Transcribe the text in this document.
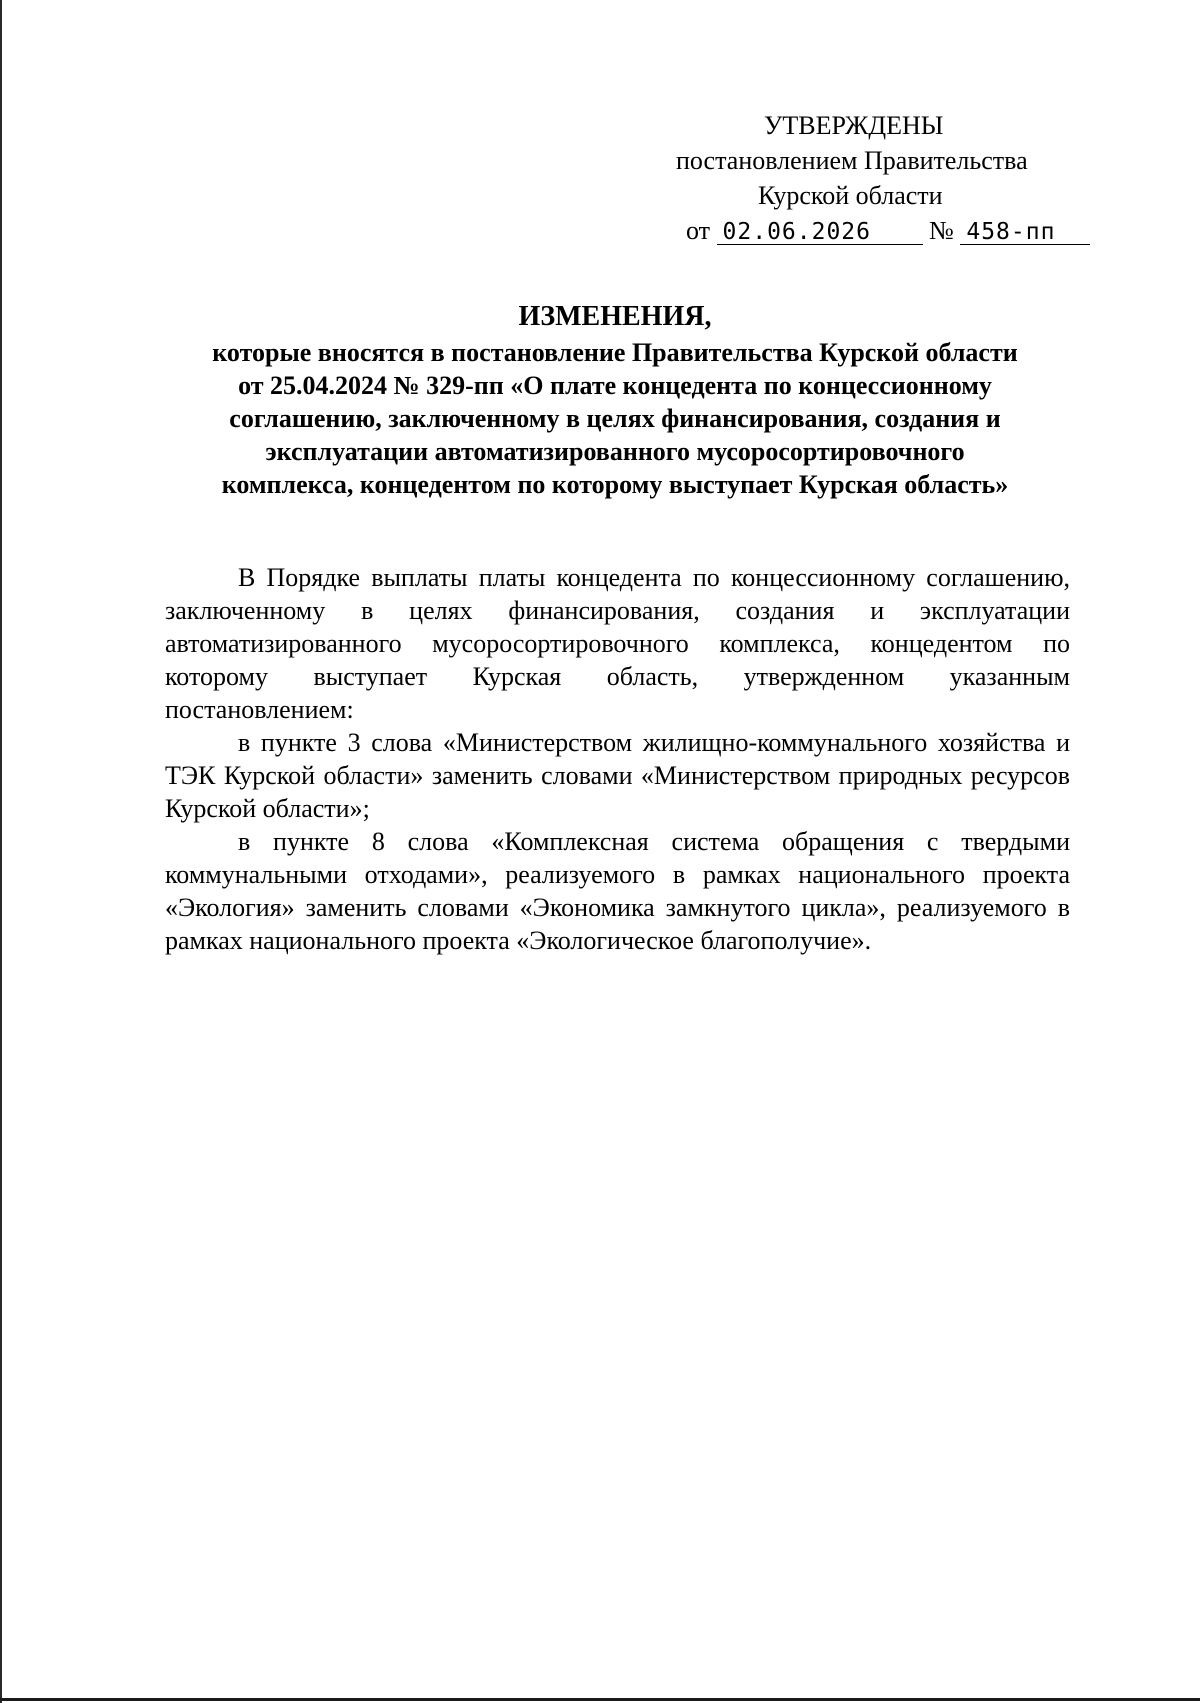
УТВЕРЖДЕНЫ
постановлением Правительства
Курской области
от 02.06.2026 № 458-пп
ИЗМЕНЕНИЯ,
которые вносятся в постановление Правительства Курской области
от 25.04.2024 № 329-пп «О плате концедента по концессионному
соглашению, заключенному в целях финансирования, создания и
эксплуатации автоматизированного мусоросортировочного
комплекса, концедентом по которому выступает Курская область»

В Порядке выплаты платы концедента по концессионному соглашению, заключенному в целях финансирования, создания и эксплуатации автоматизированного мусоросортировочного комплекса, концедентом по которому выступает Курская область, утвержденном указанным постановлением:

в пункте 3 слова «Министерством жилищно-коммунального хозяйства и ТЭК Курской области» заменить словами «Министерством природных ресурсов Курской области»;

в пункте 8 слова «Комплексная система обращения с твердыми коммунальными отходами», реализуемого в рамках национального проекта «Экология» заменить словами «Экономика замкнутого цикла», реализуемого в рамках национального проекта «Экологическое благополучие».
